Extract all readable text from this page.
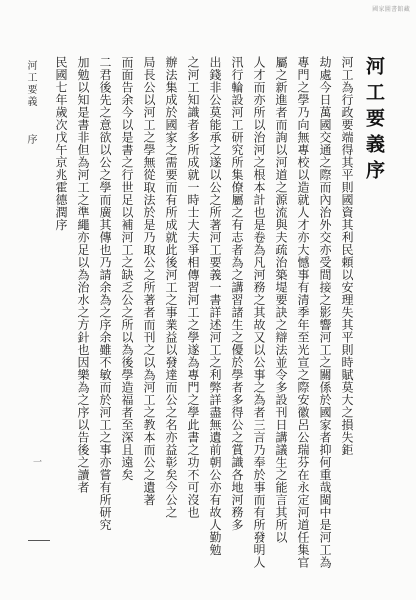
國家圖書館藏
河工要義序
河工為行政要端得其平則國資其利民頼以安理失其平則時賦莫大之損失鉅
劫處今日萬國交通之際而內治外交亦受間接之影響河工之關係於國家者抑何重哉閩中是河工為
專門之學乃向無專校以造就人才亦大憾事有清季年至光宣之際安徽呂公瑞芬在永定河道任集官
屬之新進者而詢以河道之源流與夫疏治築堤要訣之辯法並令多設刊日講議生之能言其所以
人才而亦所以治河之根本計也是卷為凡河務之其故又以公事之為者三言乃奉於事而有所發明人
汛行輪設河工研究所集僚屬之有志者為之講習諸生之優於學者多得公之賞識各地河務多
出錢非公莫能承之遂以公之所著河工要義一書詳述河工之利弊詳盡無遺前朝公亦有故人勤勉
之河工知識者多所成就一時士大夫爭相傳習河工之學遂為專門之學此書之功不可沒也
辦法集成於國家之需要而有所成就此後河工之事業益以發達而公之名亦益彰矣今公之
局長公以河工之學無從取法於是乃取公之所著者而刊之以為河工之教本而公之遺著
而面告余今以是書之行世足以補河工之缺乏公之所以為後學造福者至深且遠矣
二君後先之意欲以公之學而廣其傳也乃請余為之序余雖不敏而於河工之事亦嘗有所研究
加勉以知是書非但為河工之準繩亦足以為治水之方針也因樂為之序以告後之讀者
民國七年歲次戊午京兆霍德潤序
河工要義序
一
